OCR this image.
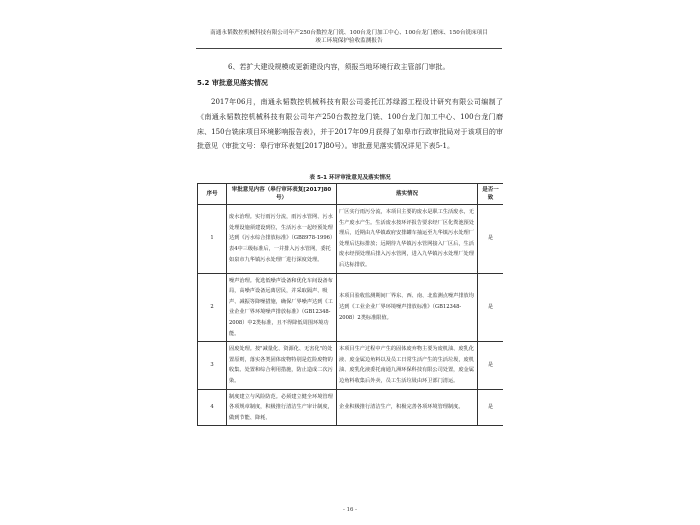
南通永韬数控机械科技有限公司年产250台数控龙门铣、100台龙门加工中心、100台龙门磨床、150台铣床项目
竣工环境保护验收监测报告
6、若扩大建设规模或更新建设内容，须报当地环境行政主管部门审批。
5.2 审批意见落实情况
2017年06月，南通永韬数控机械科技有限公司委托江苏绿源工程设计研究有限公司编制了《南通永韬数控机械科技有限公司年产250台数控龙门铣、100台龙门加工中心、100台龙门磨床、150台铣床项目环境影响报告表》，并于2017年09月获得了如皋市行政审批局对于该项目的审批意见（审批文号：皋行审环表复[2017]80号）。审批意见落实情况详见下表5-1。
表 5-1 环评审批意见及落实情况
序号	审批意见内容（皋行审环表复[2017]80号）	落实情况	是否一致
1	废水治理。实行雨污分流，雨污水管网、污水处理设施须建设到位，生活污水一起经预处理达到《污水综合排放标准》（GB8978-1996）表4中三级标准后，一并排入污水管网，委托如泉市九华镇污水处理厂进行深度处理。	厂区实行雨污分流，本项目主要的废水是职工生活废水，无生产废水产生。生活废水按环评报告要求经厂区化粪池预处理后，近期由九华镇政府安排罐车抽运至九华镇污水处理厂处理后达标排放；远期待九华镇污水管网接入厂区后，生活废水经预处理后排入污水管网，进入九华镇污水处理厂处理后达标排放。	是
2	噪声治理。优选低噪声设备和优化车间设备布局，高噪声设备远离居民，并采取隔声、吸声、减振等降噪措施，确保厂界噪声达到《工业企业厂界环境噪声排放标准》（GB12348-2008）中2类标准，且不得降低周围环境功能。	本项目验收监测期间厂界东、西、南、北监测点噪声排放均达到《工业企业厂界环境噪声排放标准》（GB12348-2008）2类标准限值。	是
3	固废处理。按"减量化、资源化、无害化"的处置原则，落实各类固体废物特别是危险废物的收集、处置和综合利用措施，防止造成二次污染。	本项目生产过程中产生的固体废弃物主要为废机油、废乳化液、废金属边角料以及员工日常生活产生的生活垃圾，废机油、废乳化液委托南通九洲环保科技有限公司处置，废金属边角料收集后外卖，员工生活垃圾由环卫部门清运。	是
4	制度建立与风险防范。必须建立健全环境管理各项规章制度，积极推行清洁生产审计制度，做到节能、降耗、	企业积极推行清洁生产，积极完善各项环境管理制度。	是
- 16 -
